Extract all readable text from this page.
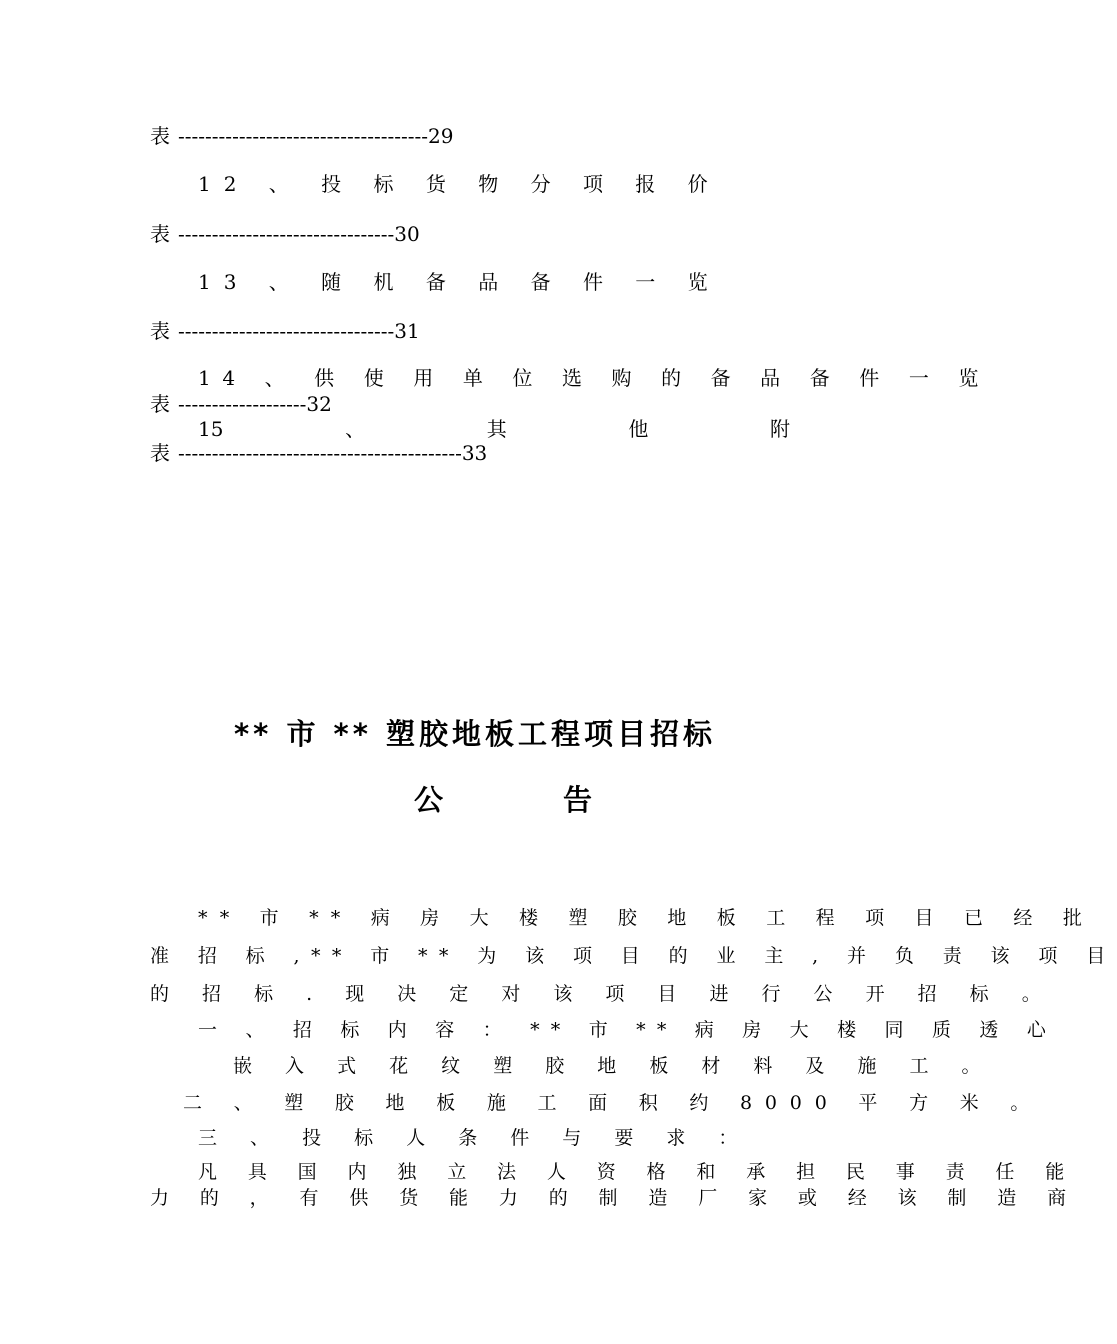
表 -------------------------------------29
12 、 投 标 货 物 分 项 报 价
表 --------------------------------30
13 、 随 机 备 品 备 件 一 览
表 --------------------------------31
14 、 供 使 用 单 位 选 购 的 备 品 备 件 一 览
表 -------------------32
15	、	其	他	附
表 ------------------------------------------33
** 市 ** 塑胶地板工程项目招标
公	告
** 市 ** 病 房 大 楼 塑 胶 地 板 工 程 项 目 已 经 批
准 招 标 ,** 市 ** 为 该 项 目 的 业 主 , 并 负 责 该 项 目
的 招 标 . 现 决 定 对 该 项 目 进 行 公 开 招 标 。
一 、 招 标 内 容 ： ** 市 ** 病 房 大 楼 同 质 透 心
嵌 入 式 花 纹 塑 胶 地 板 材 料 及 施 工 。
二 、 塑 胶 地 板 施 工 面 积 约 8000 平 方 米 。
三 、 投 标 人 条 件 与 要 求 ：
凡 具 国 内 独 立 法 人 资 格 和 承 担 民 事 责 任 能
力 的 ， 有 供 货 能 力 的 制 造 厂 家 或 经 该 制 造 商
